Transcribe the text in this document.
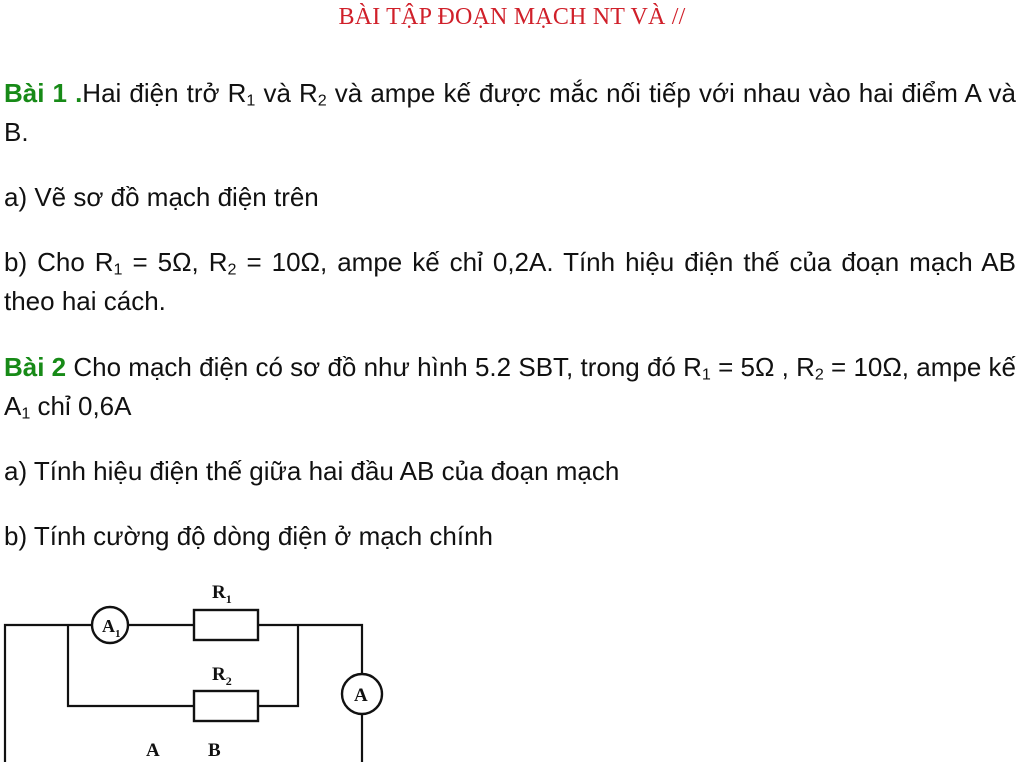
BÀI TẬP ĐOẠN MẠCH NT VÀ //

Bài 1 .Hai điện trở $R_1$ và $R_2$ và ampe kế được mắc nối tiếp với nhau vào hai điểm A và B.

a) Vẽ sơ đồ mạch điện trên

b) Cho $R_1 = 5\Omega$, $R_2 = 10\Omega$, ampe kế chỉ 0,2A. Tính hiệu điện thế của đoạn mạch AB theo hai cách.

Bài 2 Cho mạch điện có sơ đồ như hình 5.2 SBT, trong đó $R_1 = 5\Omega$ , $R_2 = 10\Omega$, ampe kế $A_1$ chỉ 0,6A

a) Tính hiệu điện thế giữa hai đầu AB của đoạn mạch

b) Tính cường độ dòng điện ở mạch chính

$A_1$
$R_1$
$R_2$
A
A	B
